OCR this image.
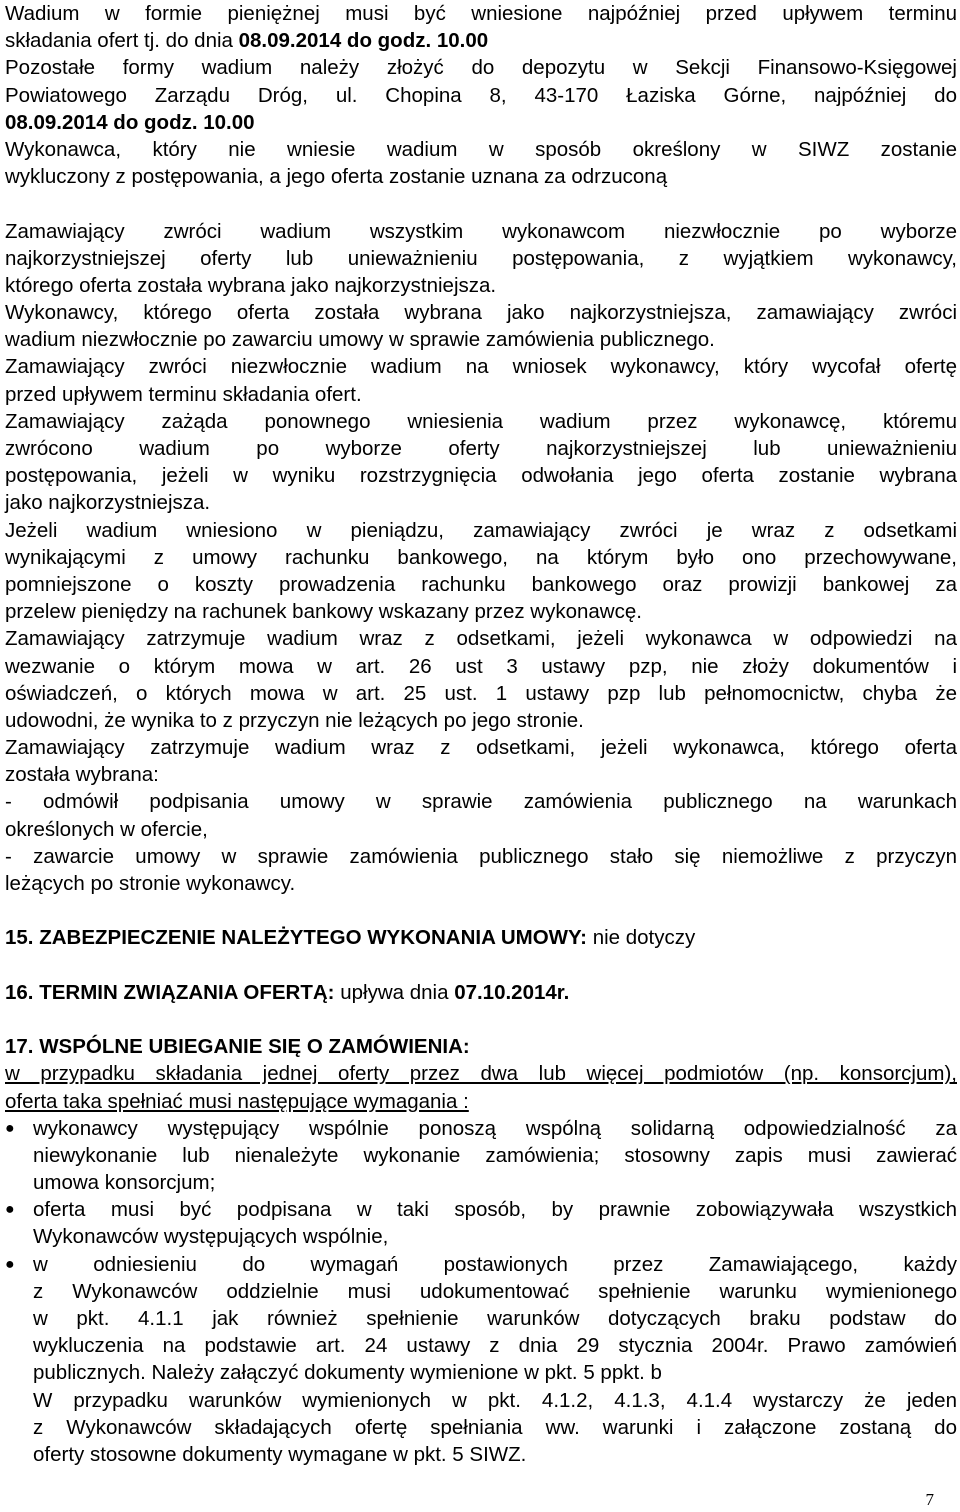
Wadium w formie pieniężnej musi być wniesione najpóźniej przed upływem terminu
składania ofert tj. do dnia 08.09.2014 do godz. 10.00
Pozostałe formy wadium należy złożyć do depozytu w Sekcji Finansowo-Księgowej
Powiatowego Zarządu Dróg, ul. Chopina 8, 43-170 Łaziska Górne, najpóźniej do
08.09.2014 do godz. 10.00
Wykonawca, który nie wniesie wadium w sposób określony w SIWZ zostanie
wykluczony z postępowania, a jego oferta zostanie uznana za odrzuconą
Zamawiający zwróci wadium wszystkim wykonawcom niezwłocznie po wyborze
najkorzystniejszej oferty lub unieważnieniu postępowania, z wyjątkiem wykonawcy,
którego oferta została wybrana jako najkorzystniejsza.
Wykonawcy, którego oferta została wybrana jako najkorzystniejsza, zamawiający zwróci
wadium niezwłocznie po zawarciu umowy w sprawie zamówienia publicznego.
Zamawiający zwróci niezwłocznie wadium na wniosek wykonawcy, który wycofał ofertę
przed upływem terminu składania ofert.
Zamawiający zażąda ponownego wniesienia wadium przez wykonawcę, któremu
zwrócono wadium po wyborze oferty najkorzystniejszej lub unieważnieniu
postępowania, jeżeli w wyniku rozstrzygnięcia odwołania jego oferta zostanie wybrana
jako najkorzystniejsza.
Jeżeli wadium wniesiono w pieniądzu, zamawiający zwróci je wraz z odsetkami
wynikającymi z umowy rachunku bankowego, na którym było ono przechowywane,
pomniejszone o koszty prowadzenia rachunku bankowego oraz prowizji bankowej za
przelew pieniędzy na rachunek bankowy wskazany przez wykonawcę.
Zamawiający zatrzymuje wadium wraz z odsetkami, jeżeli wykonawca w odpowiedzi na
wezwanie o którym mowa w art. 26 ust 3 ustawy pzp, nie złoży dokumentów i
oświadczeń, o których mowa w art. 25 ust. 1 ustawy pzp lub pełnomocnictw, chyba że
udowodni, że wynika to z przyczyn nie leżących po jego stronie.
Zamawiający zatrzymuje wadium wraz z odsetkami, jeżeli wykonawca, którego oferta
została wybrana:
- odmówił podpisania umowy w sprawie zamówienia publicznego na warunkach
określonych w ofercie,
- zawarcie umowy w sprawie zamówienia publicznego stało się niemożliwe z przyczyn
leżących po stronie wykonawcy.
15. ZABEZPIECZENIE NALEŻYTEGO WYKONANIA UMOWY: nie dotyczy
16. TERMIN ZWIĄZANIA OFERTĄ: upływa dnia 07.10.2014r.
17. WSPÓLNE UBIEGANIE SIĘ O ZAMÓWIENIA:
w przypadku składania jednej oferty przez dwa lub więcej podmiotów (np. konsorcjum),
oferta taka spełniać musi następujące wymagania :
● wykonawcy występujący wspólnie ponoszą wspólną solidarną odpowiedzialność za
niewykonanie lub nienależyte wykonanie zamówienia; stosowny zapis musi zawierać
umowa konsorcjum;
● oferta musi być podpisana w taki sposób, by prawnie zobowiązywała wszystkich
Wykonawców występujących wspólnie,
● w odniesieniu do wymagań postawionych przez Zamawiającego, każdy
z Wykonawców oddzielnie musi udokumentować spełnienie warunku wymienionego
w pkt. 4.1.1 jak również spełnienie warunków dotyczących braku podstaw do
wykluczenia na podstawie art. 24 ustawy z dnia 29 stycznia 2004r. Prawo zamówień
publicznych. Należy załączyć dokumenty wymienione w pkt. 5 ppkt. b
W przypadku warunków wymienionych w pkt. 4.1.2, 4.1.3, 4.1.4 wystarczy że jeden
z Wykonawców składających ofertę spełniania ww. warunki i załączone zostaną do
oferty stosowne dokumenty wymagane w pkt. 5 SIWZ.
7
